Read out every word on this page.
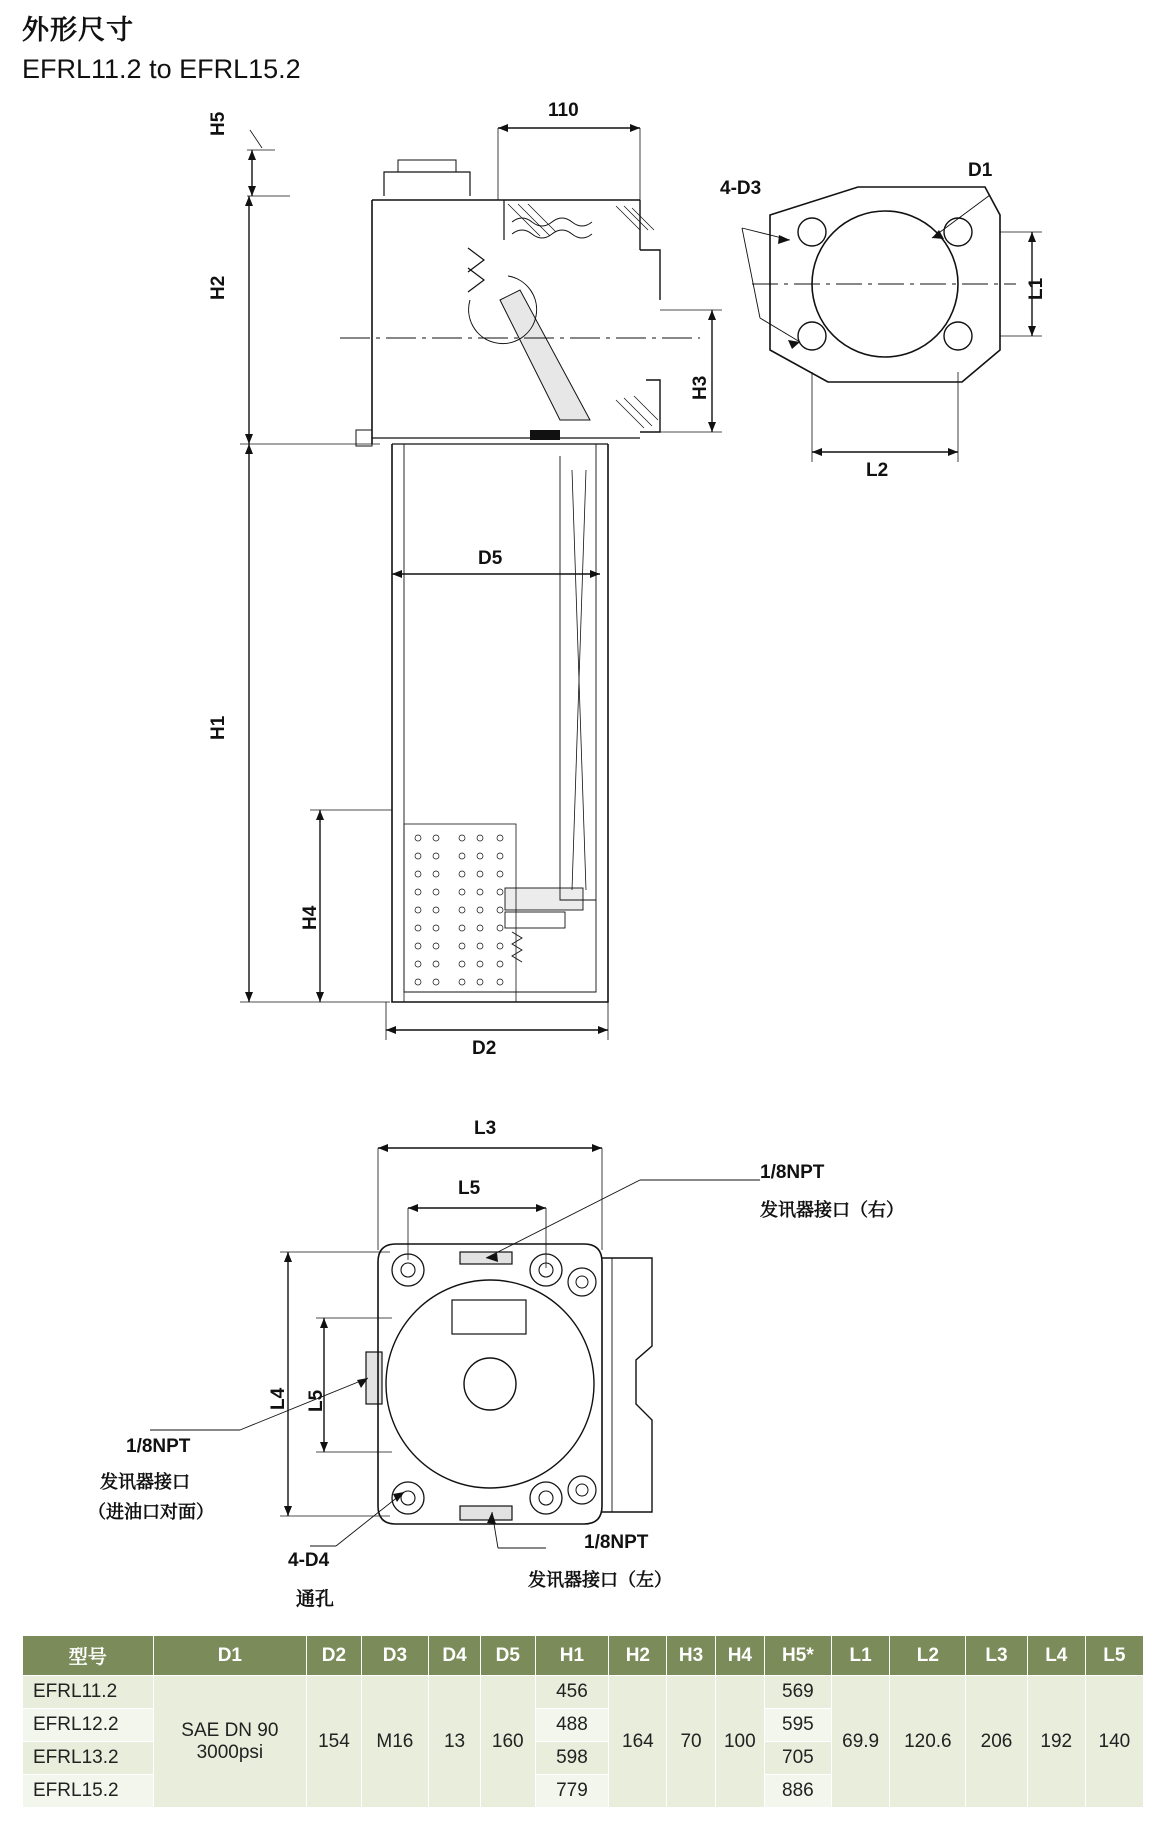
外形尺寸
EFRL11.2 to EFRL15.2
110
H5
H2
H1
H4
H3
D5
D2
D1
4-D3
L1
L2
L3
L5
L4 L5
1/8NPT
发讯器接口（右）
1/8NPT
发讯器接口（左）
1/8NPT
发讯器接口
（进油口对面）
4-D4
通孔
型号	D1	D2	D3	D4	D5	H1	H2	H3	H4	H5*	L1	L2	L3	L4	L5
EFRL11.2	SAE DN 90
3000psi	154	M16	13	160	456	164	70	100	569	69.9	120.6	206	192	140
EFRL12.2						488				595					
EFRL13.2						598				705					
EFRL15.2						779				886					
